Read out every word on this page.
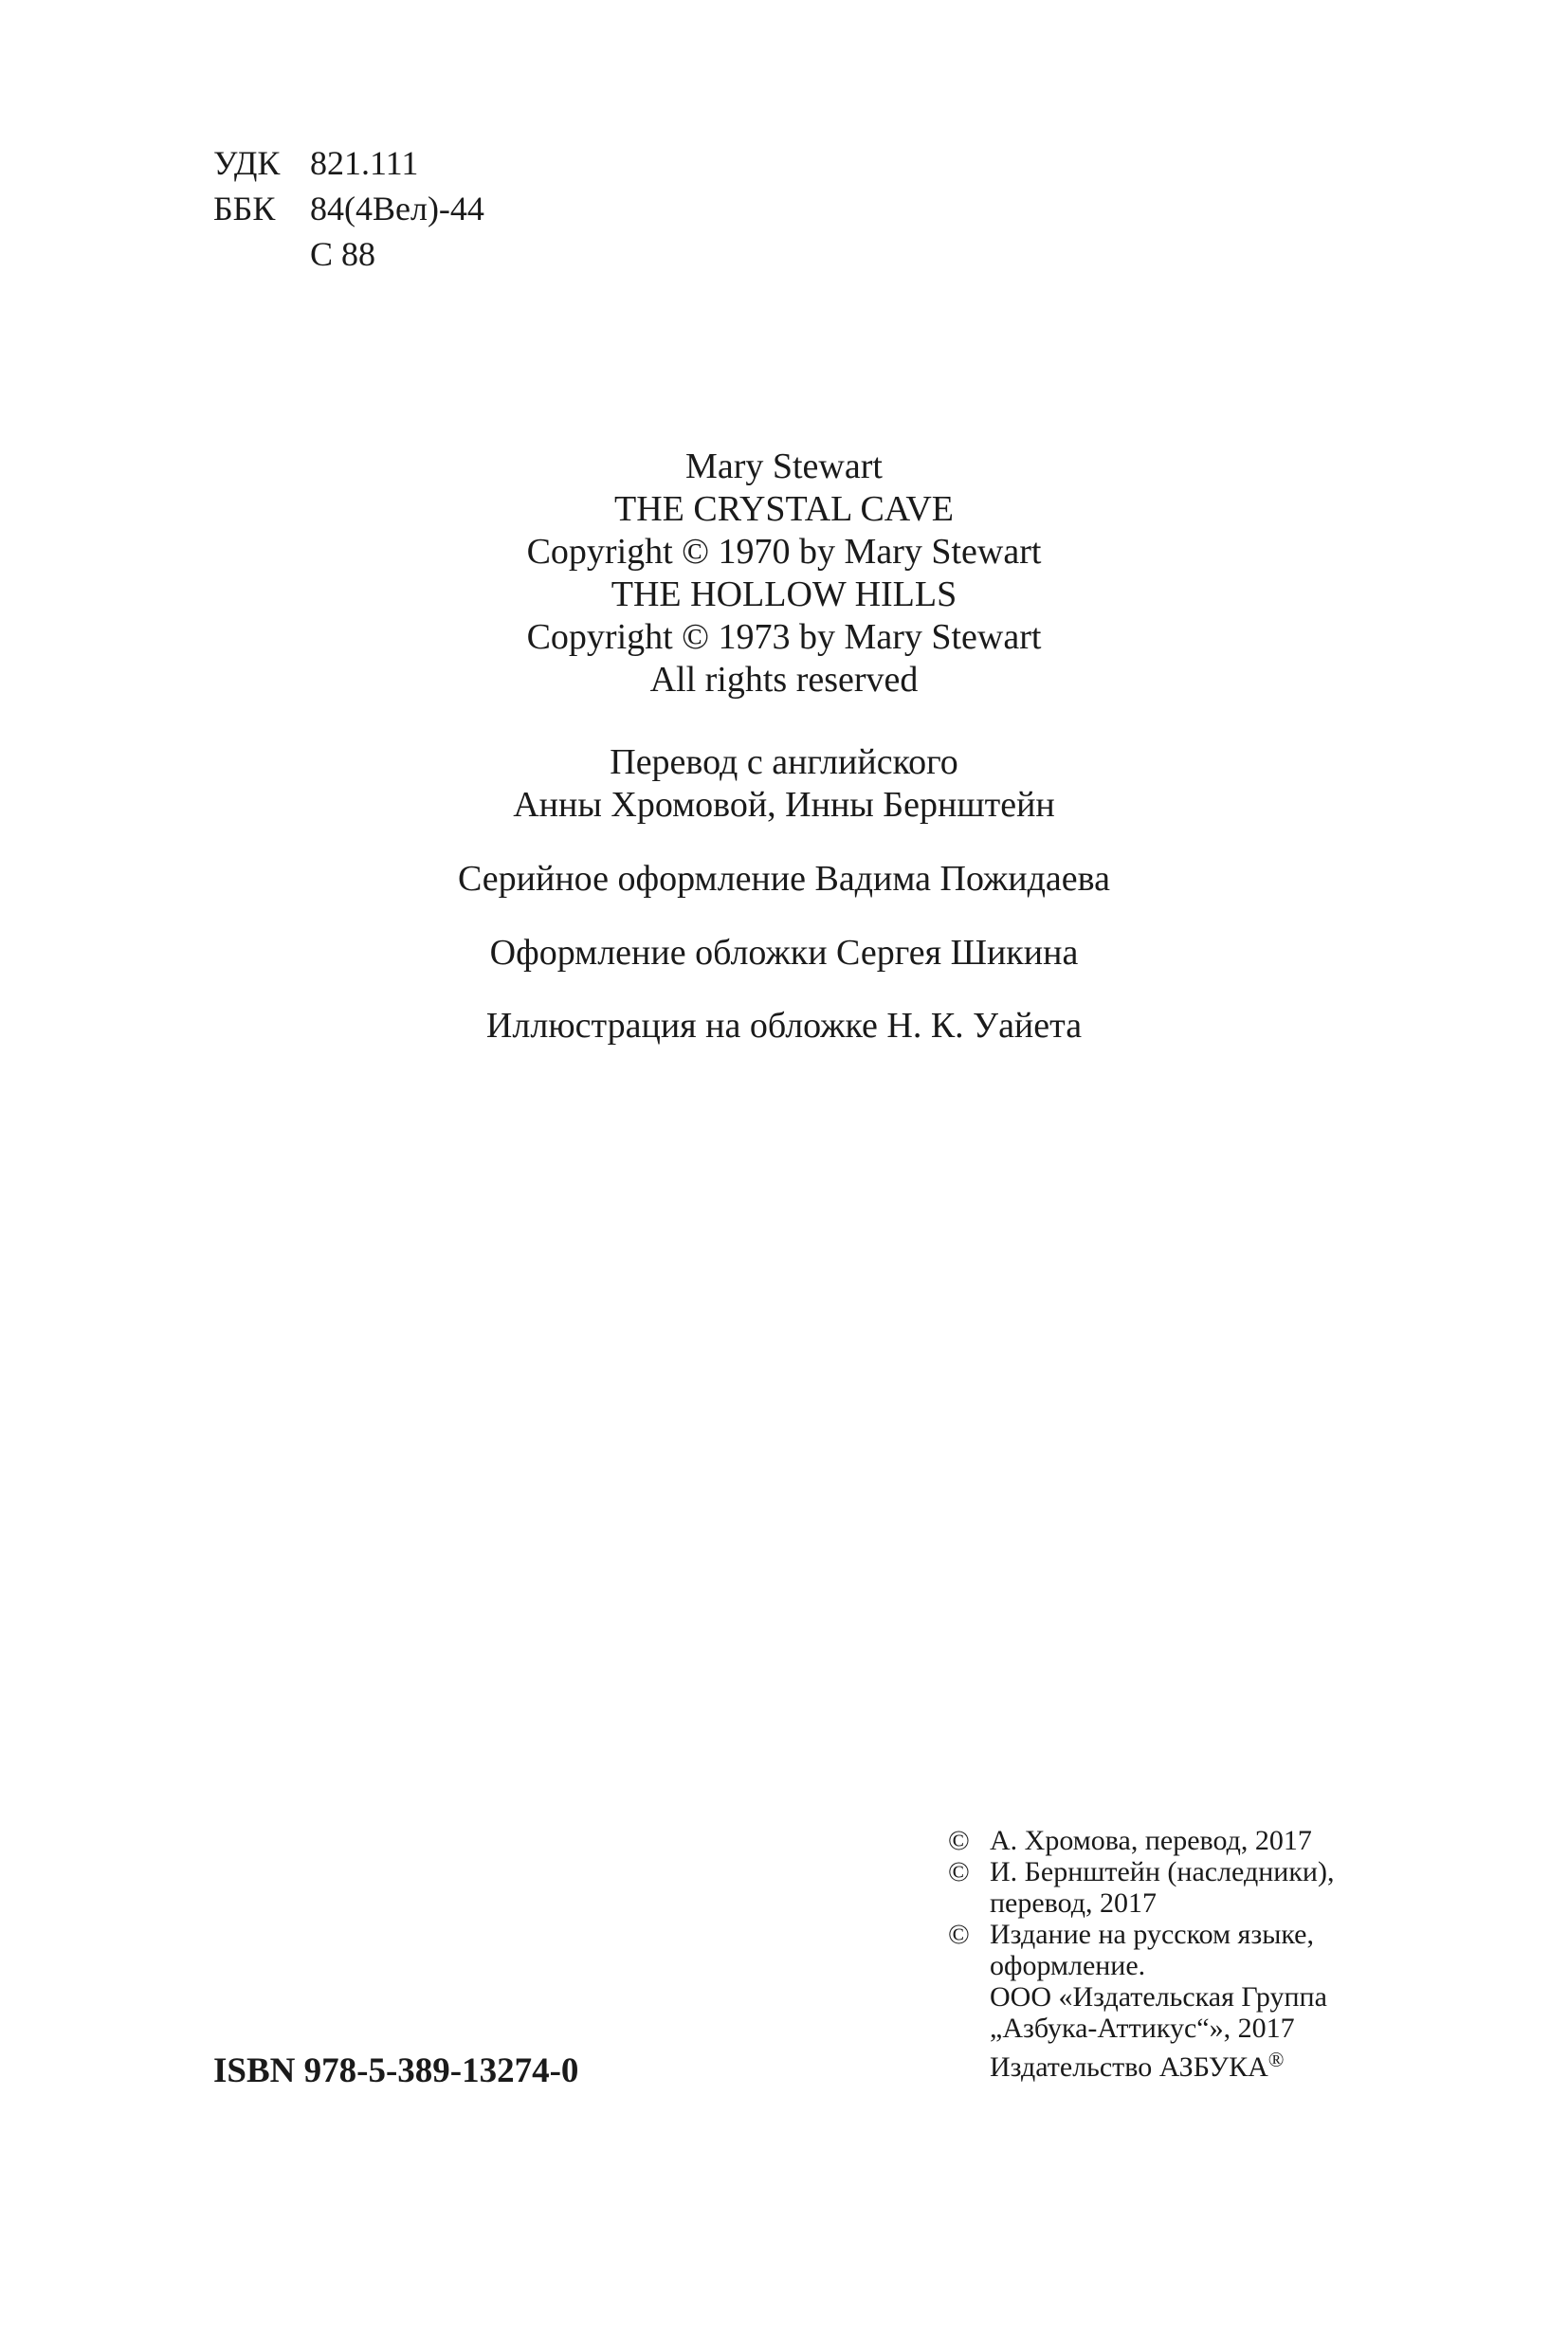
УДК 821.111
ББК	84(4Вел)-44
С 88
Mary Stewart
THE CRYSTAL CAVE
Copyright © 1970 by Mary Stewart
THE HOLLOW HILLS
Copyright © 1973 by Mary Stewart
All rights reserved
Перевод с английского
Анны Хромовой, Инны Бернштейн
Серийное оформление Вадима Пожидаева
Оформление обложки Сергея Шикина
Иллюстрация на обложке Н. К. Уайета
© А. Хромова, перевод, 2017
© И. Бернштейн (наследники),
перевод, 2017
© Издание на русском языке,
оформление.
ООО «Издательская Группа
„Азбука-Аттикус“», 2017
Издательство АЗБУКА®
ISBN 978-5-389-13274-0
